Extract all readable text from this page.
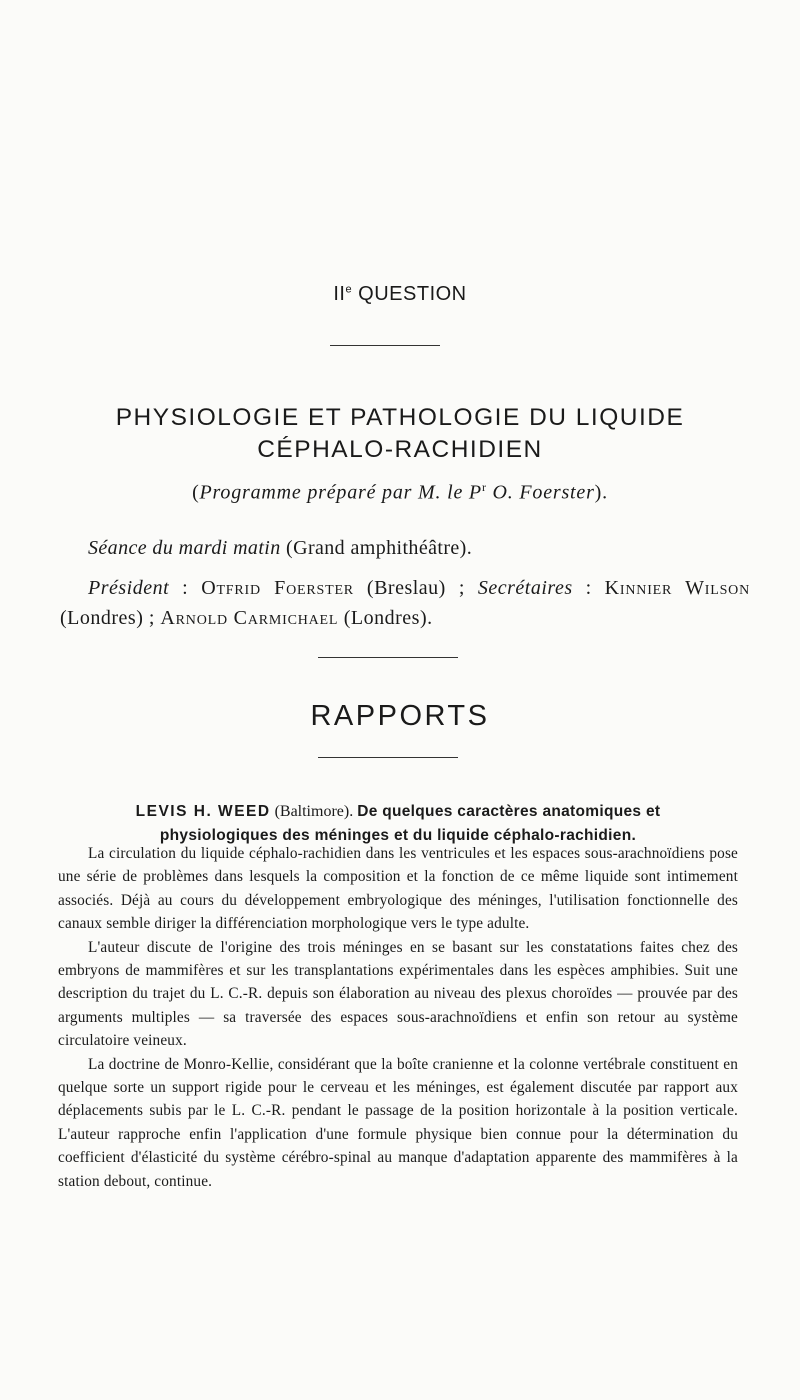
IIe QUESTION
PHYSIOLOGIE ET PATHOLOGIE DU LIQUIDE
CÉPHALO-RACHIDIEN
(Programme préparé par M. le $P^r$ O. Foerster).
Séance du mardi matin (Grand amphithéâtre).
Président : Otfrid Foerster (Breslau) ; Secrétaires : Kinnier Wilson (Londres) ; Arnold Carmichael (Londres).
RAPPORTS
LEVIS H. WEED (Baltimore). De quelques caractères anatomiques et physiologiques des méninges et du liquide céphalo-rachidien.

La circulation du liquide céphalo-rachidien dans les ventricules et les espaces sous-arachnoïdiens pose une série de problèmes dans lesquels la composition et la fonction de ce même liquide sont intimement associés. Déjà au cours du développement embryologique des méninges, l'utilisation fonctionnelle des canaux semble diriger la différenciation morphologique vers le type adulte.

L'auteur discute de l'origine des trois méninges en se basant sur les constatations faites chez des embryons de mammifères et sur les transplantations expérimentales dans les espèces amphibies. Suit une description du trajet du L. C.-R. depuis son élaboration au niveau des plexus choroïdes — prouvée par des arguments multiples — sa traversée des espaces sous-arachnoïdiens et enfin son retour au système circulatoire veineux.

La doctrine de Monro-Kellie, considérant que la boîte cranienne et la colonne vertébrale constituent en quelque sorte un support rigide pour le cerveau et les méninges, est également discutée par rapport aux déplacements subis par le L. C.-R. pendant le passage de la position horizontale à la position verticale. L'auteur rapproche enfin l'application d'une formule physique bien connue pour la détermination du coefficient d'élasticité du système cérébro-spinal au manque d'adaptation apparente des mammifères à la station debout, continue.
